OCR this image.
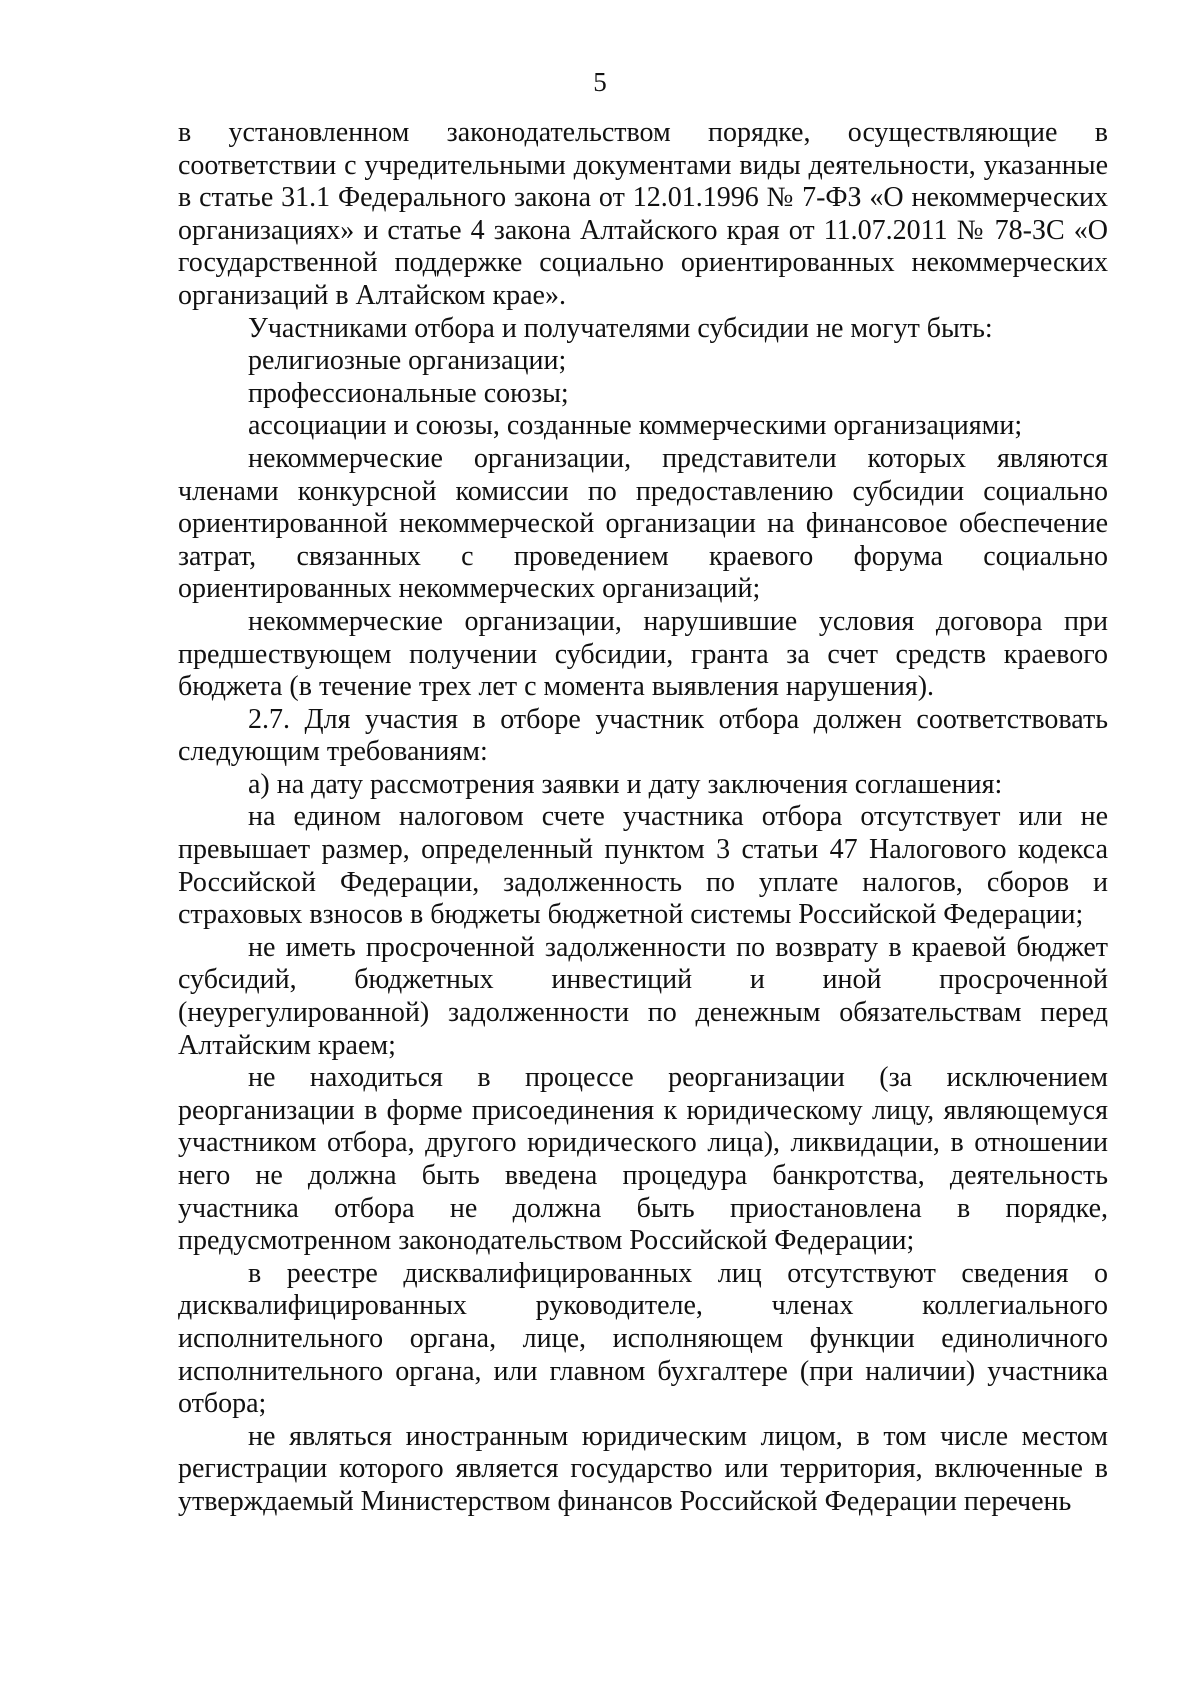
5

в установленном законодательством порядке, осуществляющие в соответствии с учредительными документами виды деятельности, указанные в статье 31.1 Федерального закона от 12.01.1996 № 7-ФЗ «О некоммерческих организациях» и статье 4 закона Алтайского края от 11.07.2011 № 78-ЗС «О государственной поддержке социально ориентированных некоммерческих организаций в Алтайском крае».

Участниками отбора и получателями субсидии не могут быть:

религиозные организации;

профессиональные союзы;

ассоциации и союзы, созданные коммерческими организациями;

некоммерческие организации, представители которых являются членами конкурсной комиссии по предоставлению субсидии социально ориентированной некоммерческой организации на финансовое обеспечение затрат, связанных с проведением краевого форума социально ориентированных некоммерческих организаций;

некоммерческие организации, нарушившие условия договора при предшествующем получении субсидии, гранта за счет средств краевого бюджета (в течение трех лет с момента выявления нарушения).

2.7. Для участия в отборе участник отбора должен соответствовать следующим требованиям:

а) на дату рассмотрения заявки и дату заключения соглашения:

на едином налоговом счете участника отбора отсутствует или не превышает размер, определенный пунктом 3 статьи 47 Налогового кодекса Российской Федерации, задолженность по уплате налогов, сборов и страховых взносов в бюджеты бюджетной системы Российской Федерации;

не иметь просроченной задолженности по возврату в краевой бюджет субсидий, бюджетных инвестиций и иной просроченной (неурегулированной) задолженности по денежным обязательствам перед Алтайским краем;

не находиться в процессе реорганизации (за исключением реорганизации в форме присоединения к юридическому лицу, являющемуся участником отбора, другого юридического лица), ликвидации, в отношении него не должна быть введена процедура банкротства, деятельность участника отбора не должна быть приостановлена в порядке, предусмотренном законодательством Российской Федерации;

в реестре дисквалифицированных лиц отсутствуют сведения о дисквалифицированных руководителе, членах коллегиального исполнительного органа, лице, исполняющем функции единоличного исполнительного органа, или главном бухгалтере (при наличии) участника отбора;

не являться иностранным юридическим лицом, в том числе местом регистрации которого является государство или территория, включенные в утверждаемый Министерством финансов Российской Федерации перечень
